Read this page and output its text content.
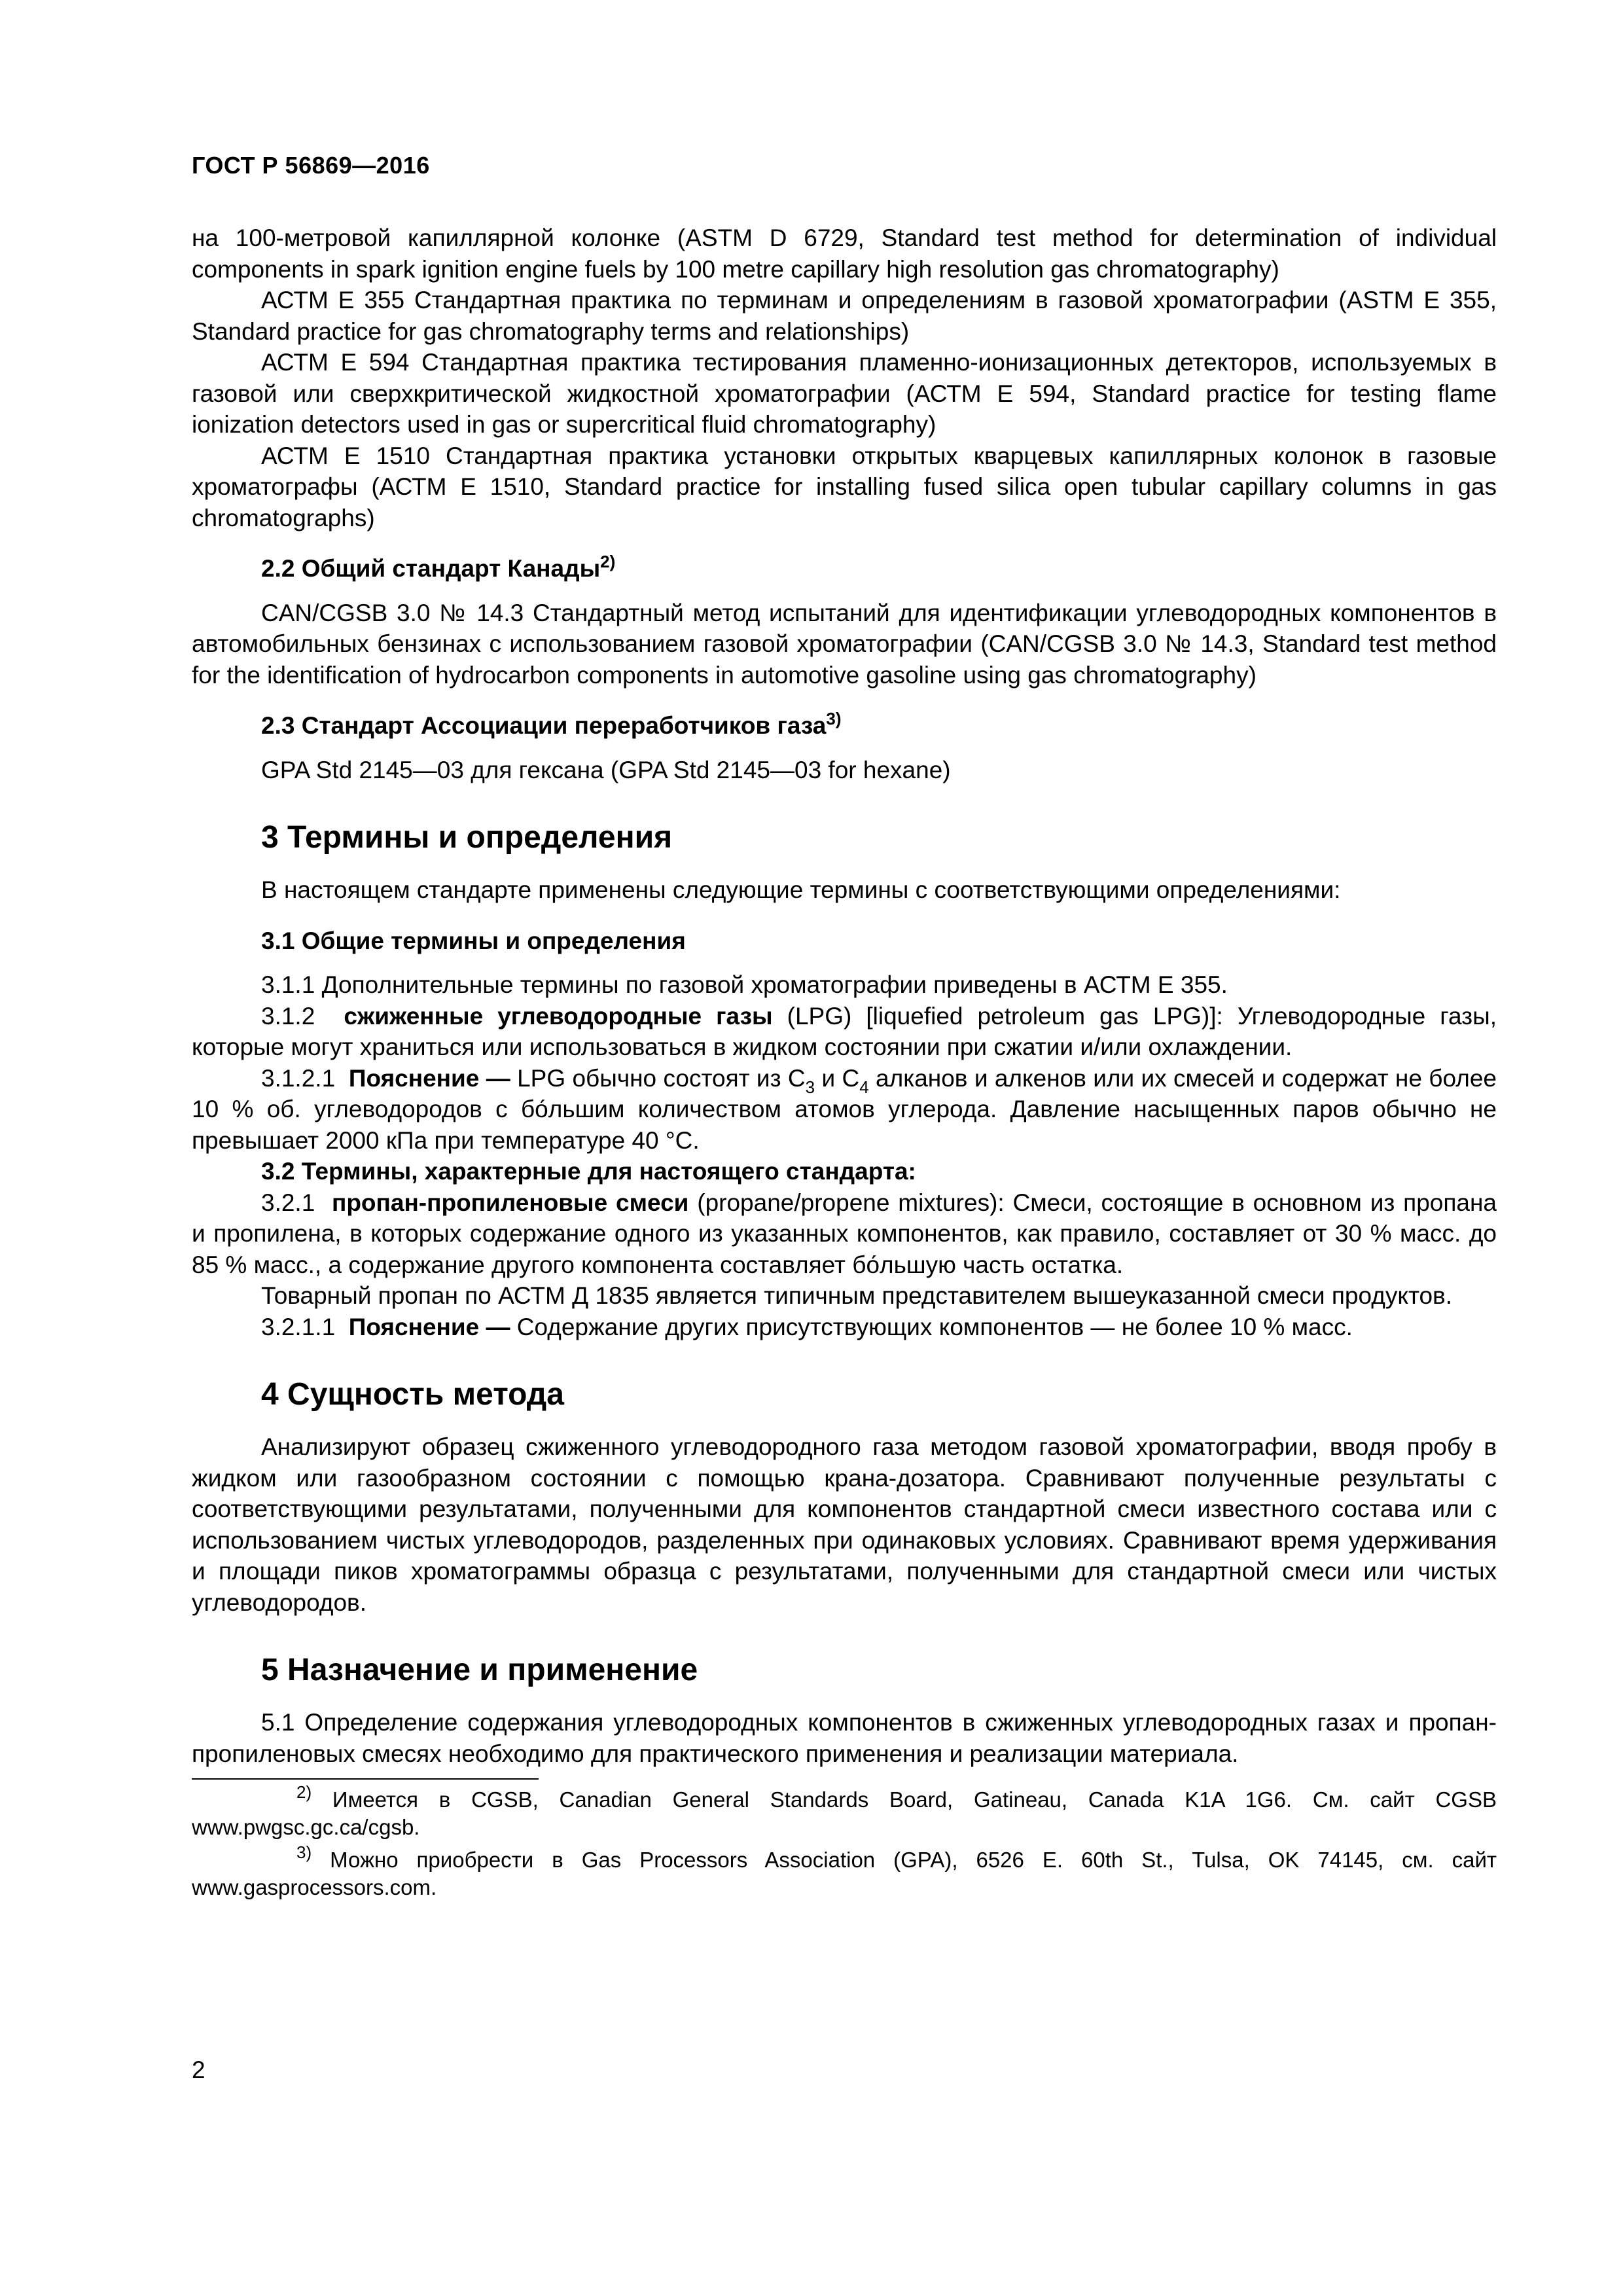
ГОСТ Р 56869—2016

на 100-метровой капиллярной колонке (ASTM D 6729, Standard test method for determination of individual components in spark ignition engine fuels by 100 metre capillary high resolution gas chromatography)

АСТМ Е 355 Стандартная практика по терминам и определениям в газовой хроматографии (ASTM E 355, Standard practice for gas chromatography terms and relationships)

АСТМ Е 594 Стандартная практика тестирования пламенно-ионизационных детекторов, используемых в газовой или сверхкритической жидкостной хроматографии (АСТМ Е 594, Standard practice for testing flame ionization detectors used in gas or supercritical fluid chromatography)

АСТМ Е 1510 Стандартная практика установки открытых кварцевых капиллярных колонок в газовые хроматографы (АСТМ Е 1510, Standard practice for installing fused silica open tubular capillary columns in gas chromatographs)

2.2 Общий стандарт Канады$^{2)}$

CAN/CGSB 3.0 № 14.3 Стандартный метод испытаний для идентификации углеводородных компонентов в автомобильных бензинах с использованием газовой хроматографии (CAN/CGSB 3.0 № 14.3, Standard test method for the identification of hydrocarbon components in automotive gasoline using gas chromatography)

2.3 Стандарт Ассоциации переработчиков газа$^{3)}$

GPA Std 2145—03 для гексана (GPA Std 2145—03 for hexane)

3 Термины и определения

В настоящем стандарте применены следующие термины с соответствующими определениями:

3.1 Общие термины и определения

3.1.1 Дополнительные термины по газовой хроматографии приведены в АСТМ Е 355.

3.1.2 сжиженные углеводородные газы (LPG) [liquefied petroleum gas LPG)]: Углеводородные газы, которые могут храниться или использоваться в жидком состоянии при сжатии и/или охлаждении.

3.1.2.1 Пояснение — LPG обычно состоят из $C_3$ и $C_4$ алканов и алкенов или их смесей и содержат не более 10 % об. углеводородов с бо́льшим количеством атомов углерода. Давление насыщенных паров обычно не превышает 2000 кПа при температуре 40 °С.

3.2 Термины, характерные для настоящего стандарта:

3.2.1 пропан-пропиленовые смеси (propane/propene mixtures): Смеси, состоящие в основном из пропана и пропилена, в которых содержание одного из указанных компонентов, как правило, составляет от 30 % масс. до 85 % масс., а содержание другого компонента составляет бо́льшую часть остатка.

Товарный пропан по АСТМ Д 1835 является типичным представителем вышеуказанной смеси продуктов.

3.2.1.1 Пояснение — Содержание других присутствующих компонентов — не более 10 % масс.

4 Сущность метода

Анализируют образец сжиженного углеводородного газа методом газовой хроматографии, вводя пробу в жидком или газообразном состоянии с помощью крана-дозатора. Сравнивают полученные результаты с соответствующими результатами, полученными для компонентов стандартной смеси известного состава или с использованием чистых углеводородов, разделенных при одинаковых условиях. Сравнивают время удерживания и площади пиков хроматограммы образца с результатами, полученными для стандартной смеси или чистых углеводородов.

5 Назначение и применение

5.1 Определение содержания углеводородных компонентов в сжиженных углеводородных газах и пропан-пропиленовых смесях необходимо для практического применения и реализации материала.

$^{2)}$ Имеется в CGSB, Canadian General Standards Board, Gatineau, Canada K1A 1G6. См. сайт CGSB www.pwgsc.gc.ca/cgsb.

$^{3)}$ Можно приобрести в Gas Processors Association (GPA), 6526 E. 60th St., Tulsa, OK 74145, см. сайт www.gasprocessors.com.

2
